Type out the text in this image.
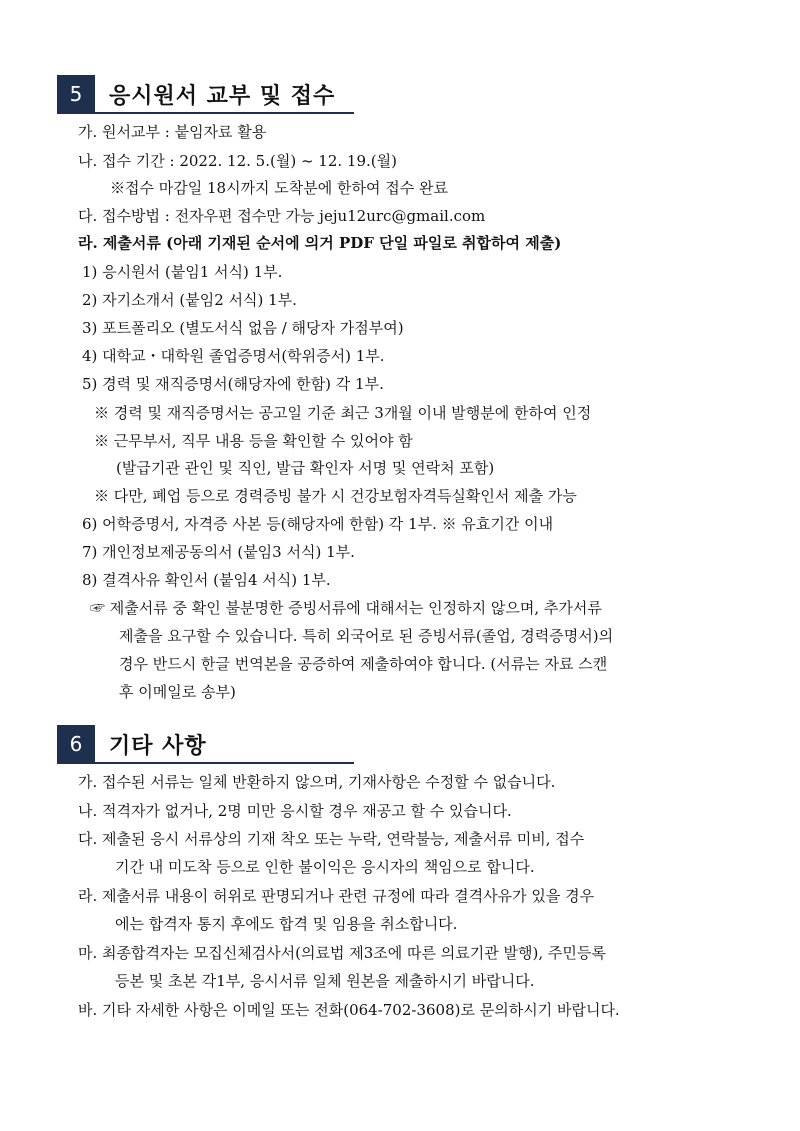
5	응시원서 교부 및 접수
가. 원서교부 : 붙임자료 활용
나. 접수 기간 : 2022. 12. 5.(월) ~ 12. 19.(월)
※접수 마감일 18시까지 도착분에 한하여 접수 완료
다. 접수방법 : 전자우편 접수만 가능 jeju12urc@gmail.com
라. 제출서류 (아래 기재된 순서에 의거 PDF 단일 파일로 취합하여 제출)
1) 응시원서 (붙임1 서식) 1부.
2) 자기소개서 (붙임2 서식) 1부.
3) 포트폴리오 (별도서식 없음 / 해당자 가점부여)
4) 대학교・대학원 졸업증명서(학위증서) 1부.
5) 경력 및 재직증명서(해당자에 한함) 각 1부.
※ 경력 및 재직증명서는 공고일 기준 최근 3개월 이내 발행분에 한하여 인정
※ 근무부서, 직무 내용 등을 확인할 수 있어야 함
(발급기관 관인 및 직인, 발급 확인자 서명 및 연락처 포함)
※ 다만, 폐업 등으로 경력증빙 불가 시 건강보험자격득실확인서 제출 가능
6) 어학증명서, 자격증 사본 등(해당자에 한함) 각 1부. ※ 유효기간 이내
7) 개인정보제공동의서 (붙임3 서식) 1부.
8) 결격사유 확인서 (붙임4 서식) 1부.
☞ 제출서류 중 확인 불분명한 증빙서류에 대해서는 인정하지 않으며, 추가서류
제출을 요구할 수 있습니다. 특히 외국어로 된 증빙서류(졸업, 경력증명서)의
경우 반드시 한글 번역본을 공증하여 제출하여야 합니다. (서류는 자료 스캔
후 이메일로 송부)
6	기타 사항
가. 접수된 서류는 일체 반환하지 않으며, 기재사항은 수정할 수 없습니다.
나. 적격자가 없거나, 2명 미만 응시할 경우 재공고 할 수 있습니다.
다. 제출된 응시 서류상의 기재 착오 또는 누락, 연락불능, 제출서류 미비, 접수
기간 내 미도착 등으로 인한 불이익은 응시자의 책임으로 합니다.
라. 제출서류 내용이 허위로 판명되거나 관련 규정에 따라 결격사유가 있을 경우
에는 합격자 통지 후에도 합격 및 임용을 취소합니다.
마. 최종합격자는 모집신체검사서(의료법 제3조에 따른 의료기관 발행), 주민등록
등본 및 초본 각1부, 응시서류 일체 원본을 제출하시기 바랍니다.
바. 기타 자세한 사항은 이메일 또는 전화(064-702-3608)로 문의하시기 바랍니다.
